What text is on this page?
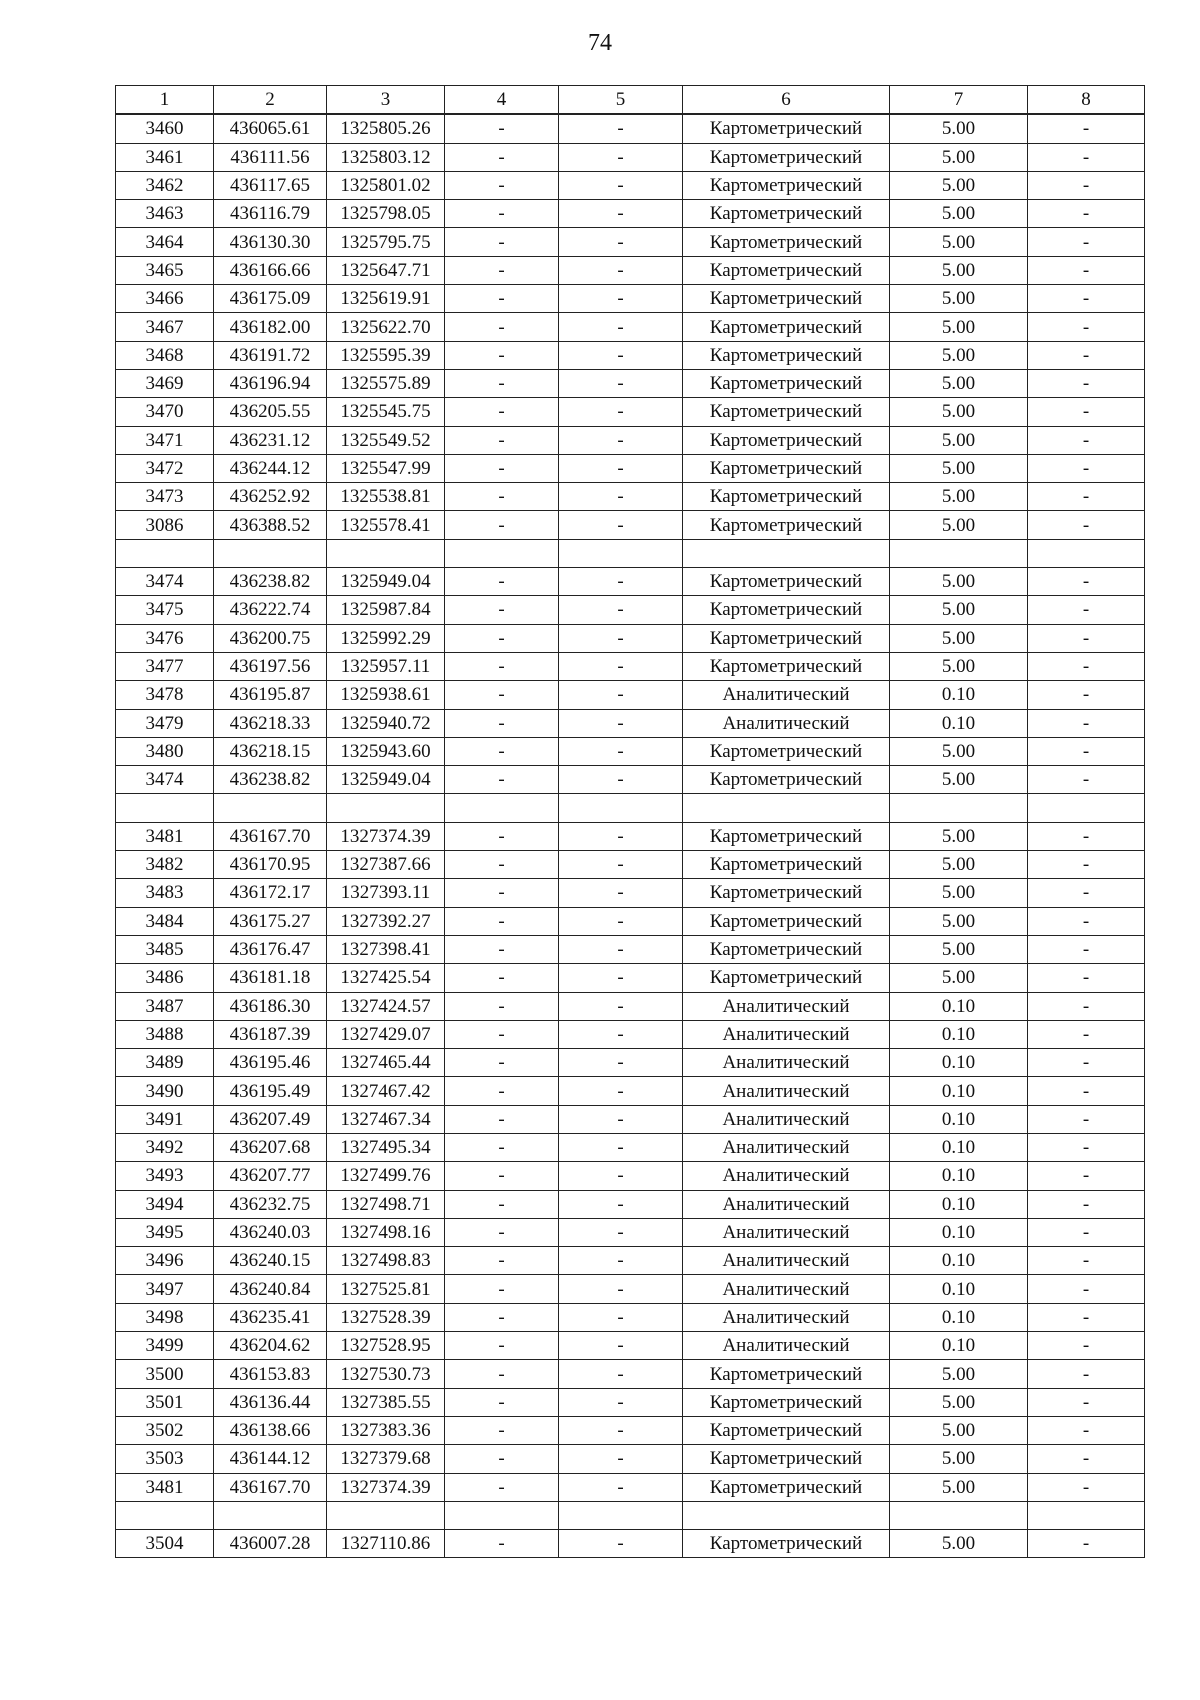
74
1	2	3	4	5	6	7	8
3460	436065.61	1325805.26	-	-	Картометрический	5.00	-
3461	436111.56	1325803.12	-	-	Картометрический	5.00	-
3462	436117.65	1325801.02	-	-	Картометрический	5.00	-
3463	436116.79	1325798.05	-	-	Картометрический	5.00	-
3464	436130.30	1325795.75	-	-	Картометрический	5.00	-
3465	436166.66	1325647.71	-	-	Картометрический	5.00	-
3466	436175.09	1325619.91	-	-	Картометрический	5.00	-
3467	436182.00	1325622.70	-	-	Картометрический	5.00	-
3468	436191.72	1325595.39	-	-	Картометрический	5.00	-
3469	436196.94	1325575.89	-	-	Картометрический	5.00	-
3470	436205.55	1325545.75	-	-	Картометрический	5.00	-
3471	436231.12	1325549.52	-	-	Картометрический	5.00	-
3472	436244.12	1325547.99	-	-	Картометрический	5.00	-
3473	436252.92	1325538.81	-	-	Картометрический	5.00	-
3086	436388.52	1325578.41	-	-	Картометрический	5.00	-

3474	436238.82	1325949.04	-	-	Картометрический	5.00	-
3475	436222.74	1325987.84	-	-	Картометрический	5.00	-
3476	436200.75	1325992.29	-	-	Картометрический	5.00	-
3477	436197.56	1325957.11	-	-	Картометрический	5.00	-
3478	436195.87	1325938.61	-	-	Аналитический	0.10	-
3479	436218.33	1325940.72	-	-	Аналитический	0.10	-
3480	436218.15	1325943.60	-	-	Картометрический	5.00	-
3474	436238.82	1325949.04	-	-	Картометрический	5.00	-

3481	436167.70	1327374.39	-	-	Картометрический	5.00	-
3482	436170.95	1327387.66	-	-	Картометрический	5.00	-
3483	436172.17	1327393.11	-	-	Картометрический	5.00	-
3484	436175.27	1327392.27	-	-	Картометрический	5.00	-
3485	436176.47	1327398.41	-	-	Картометрический	5.00	-
3486	436181.18	1327425.54	-	-	Картометрический	5.00	-
3487	436186.30	1327424.57	-	-	Аналитический	0.10	-
3488	436187.39	1327429.07	-	-	Аналитический	0.10	-
3489	436195.46	1327465.44	-	-	Аналитический	0.10	-
3490	436195.49	1327467.42	-	-	Аналитический	0.10	-
3491	436207.49	1327467.34	-	-	Аналитический	0.10	-
3492	436207.68	1327495.34	-	-	Аналитический	0.10	-
3493	436207.77	1327499.76	-	-	Аналитический	0.10	-
3494	436232.75	1327498.71	-	-	Аналитический	0.10	-
3495	436240.03	1327498.16	-	-	Аналитический	0.10	-
3496	436240.15	1327498.83	-	-	Аналитический	0.10	-
3497	436240.84	1327525.81	-	-	Аналитический	0.10	-
3498	436235.41	1327528.39	-	-	Аналитический	0.10	-
3499	436204.62	1327528.95	-	-	Аналитический	0.10	-
3500	436153.83	1327530.73	-	-	Картометрический	5.00	-
3501	436136.44	1327385.55	-	-	Картометрический	5.00	-
3502	436138.66	1327383.36	-	-	Картометрический	5.00	-
3503	436144.12	1327379.68	-	-	Картометрический	5.00	-
3481	436167.70	1327374.39	-	-	Картометрический	5.00	-

3504	436007.28	1327110.86	-	-	Картометрический	5.00	-
